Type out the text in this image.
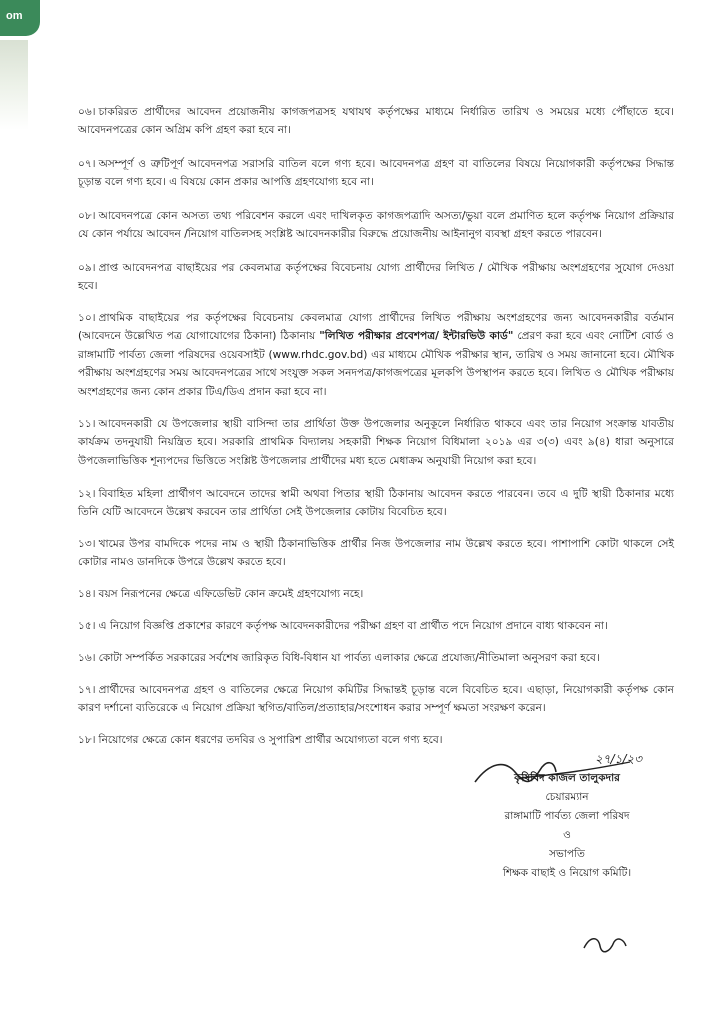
om

০৬। চাকরিরত প্রার্থীদের আবেদন প্রয়োজনীয় কাগজপত্রসহ যথাযথ কর্তৃপক্ষের মাধ্যমে নির্ধারিত তারিখ ও সময়ের মধ্যে পৌঁছাতে হবে। আবেদনপত্রের কোন অগ্রিম কপি গ্রহণ করা হবে না।

০৭। অসম্পূর্ণ ও ত্রুটিপূর্ণ আবেদনপত্র সরাসরি বাতিল বলে গণ্য হবে। আবেদনপত্র গ্রহণ বা বাতিলের বিষয়ে নিয়োগকারী কর্তৃপক্ষের সিদ্ধান্ত চূড়ান্ত বলে গণ্য হবে। এ বিষয়ে কোন প্রকার আপত্তি গ্রহণযোগ্য হবে না।

০৮। আবেদনপত্রে কোন অসত্য তথ্য পরিবেশন করলে এবং দাখিলকৃত কাগজপত্রাদি অসত্য/ভুয়া বলে প্রমাণিত হলে কর্তৃপক্ষ নিয়োগ প্রক্রিয়ার যে কোন পর্যায়ে আবেদন /নিয়োগ বাতিলসহ সংশ্লিষ্ট আবেদনকারীর বিরুদ্ধে প্রয়োজনীয় আইনানুগ ব্যবস্থা গ্রহণ করতে পারবেন।

০৯। প্রাপ্ত আবেদনপত্র বাছাইয়ের পর কেবলমাত্র কর্তৃপক্ষের বিবেচনায় যোগ্য প্রার্থীদের লিখিত / মৌখিক পরীক্ষায় অংশগ্রহণের সুযোগ দেওয়া হবে।

১০। প্রাথমিক বাছাইয়ের পর কর্তৃপক্ষের বিবেচনায় কেবলমাত্র যোগ্য প্রার্থীদের লিখিত পরীক্ষায় অংশগ্রহণের জন্য আবেদনকারীর বর্তমান (আবেদনে উল্লেখিত পত্র যোগাযোগের ঠিকানা) ঠিকানায় "লিখিত পরীক্ষার প্রবেশপত্র/ ইন্টারভিউ কার্ড" প্রেরণ করা হবে এবং নোটিশ বোর্ড ও রাঙ্গামাটি পার্বত্য জেলা পরিষদের ওয়েবসাইট (www.rhdc.gov.bd) এর মাধ্যমে মৌখিক পরীক্ষার স্থান, তারিখ ও সময় জানানো হবে। মৌখিক পরীক্ষায় অংশগ্রহণের সময় আবেদনপত্রের সাথে সংযুক্ত সকল সনদপত্র/কাগজপত্রের মূলকপি উপস্থাপন করতে হবে। লিখিত ও মৌখিক পরীক্ষায় অংশগ্রহণের জন্য কোন প্রকার টিএ/ডিএ প্রদান করা হবে না।

১১। আবেদনকারী যে উপজেলার স্থায়ী বাসিন্দা তার প্রার্থিতা উক্ত উপজেলার অনুকূলে নির্ধারিত থাকবে এবং তার নিয়োগ সংক্রান্ত যাবতীয় কার্যক্রম তদনুযায়ী নিয়ন্ত্রিত হবে। সরকারি প্রাথমিক বিদ্যালয় সহকারী শিক্ষক নিয়োগ বিধিমালা ২০১৯ এর ৩(৩) এবং ৯(৪) ধারা অনুসারে উপজেলাভিত্তিক শূন্যপদের ভিত্তিতে সংশ্লিষ্ট উপজেলার প্রার্থীদের মধ্য হতে মেধাক্রম অনুযায়ী নিয়োগ করা হবে।

১২। বিবাহিত মহিলা প্রার্থীগণ আবেদনে তাদের স্বামী অথবা পিতার স্থায়ী ঠিকানায় আবেদন করতে পারবেন। তবে এ দুটি স্থায়ী ঠিকানার মধ্যে তিনি যেটি আবেদনে উল্লেখ করবেন তার প্রার্থিতা সেই উপজেলার কোটায় বিবেচিত হবে।

১৩। খামের উপর বামদিকে পদের নাম ও স্থায়ী ঠিকানাভিত্তিক প্রার্থীর নিজ উপজেলার নাম উল্লেখ করতে হবে। পাশাপাশি কোটা থাকলে সেই কোটার নামও ডানদিকে উপরে উল্লেখ করতে হবে।

১৪। বয়স নিরূপনের ক্ষেত্রে এফিডেভিট কোন ক্রমেই গ্রহণযোগ্য নহে।

১৫। এ নিয়োগ বিজ্ঞপ্তি প্রকাশের কারণে কর্তৃপক্ষ আবেদনকারীদের পরীক্ষা গ্রহণ বা প্রার্থীত পদে নিয়োগ প্রদানে বাধ্য থাকবেন না।

১৬। কোটা সম্পর্কিত সরকারের সর্বশেষ জারিকৃত বিধি-বিধান যা পার্বত্য এলাকার ক্ষেত্রে প্রযোজ্য/নীতিমালা অনুসরণ করা হবে।

১৭। প্রার্থীদের আবেদনপত্র গ্রহণ ও বাতিলের ক্ষেত্রে নিয়োগ কমিটির সিদ্ধান্তই চূড়ান্ত বলে বিবেচিত হবে। এছাড়া, নিয়োগকারী কর্তৃপক্ষ কোন কারণ দর্শানো ব্যতিরেকে এ নিয়োগ প্রক্রিয়া স্থগিত/বাতিল/প্রত্যাহার/সংশোধন করার সম্পূর্ণ ক্ষমতা সংরক্ষণ করেন।

১৮। নিয়োগের ক্ষেত্রে কোন ধরণের তদবির ও সুপারিশ প্রার্থীর অযোগ্যতা বলে গণ্য হবে।

২৭/১/২৩
কৃষিবিদ কাজল তালুকদার
চেয়ারম্যান
রাঙ্গামাটি পার্বত্য জেলা পরিষদ
ও
সভাপতি
শিক্ষক বাছাই ও নিয়োগ কমিটি।
